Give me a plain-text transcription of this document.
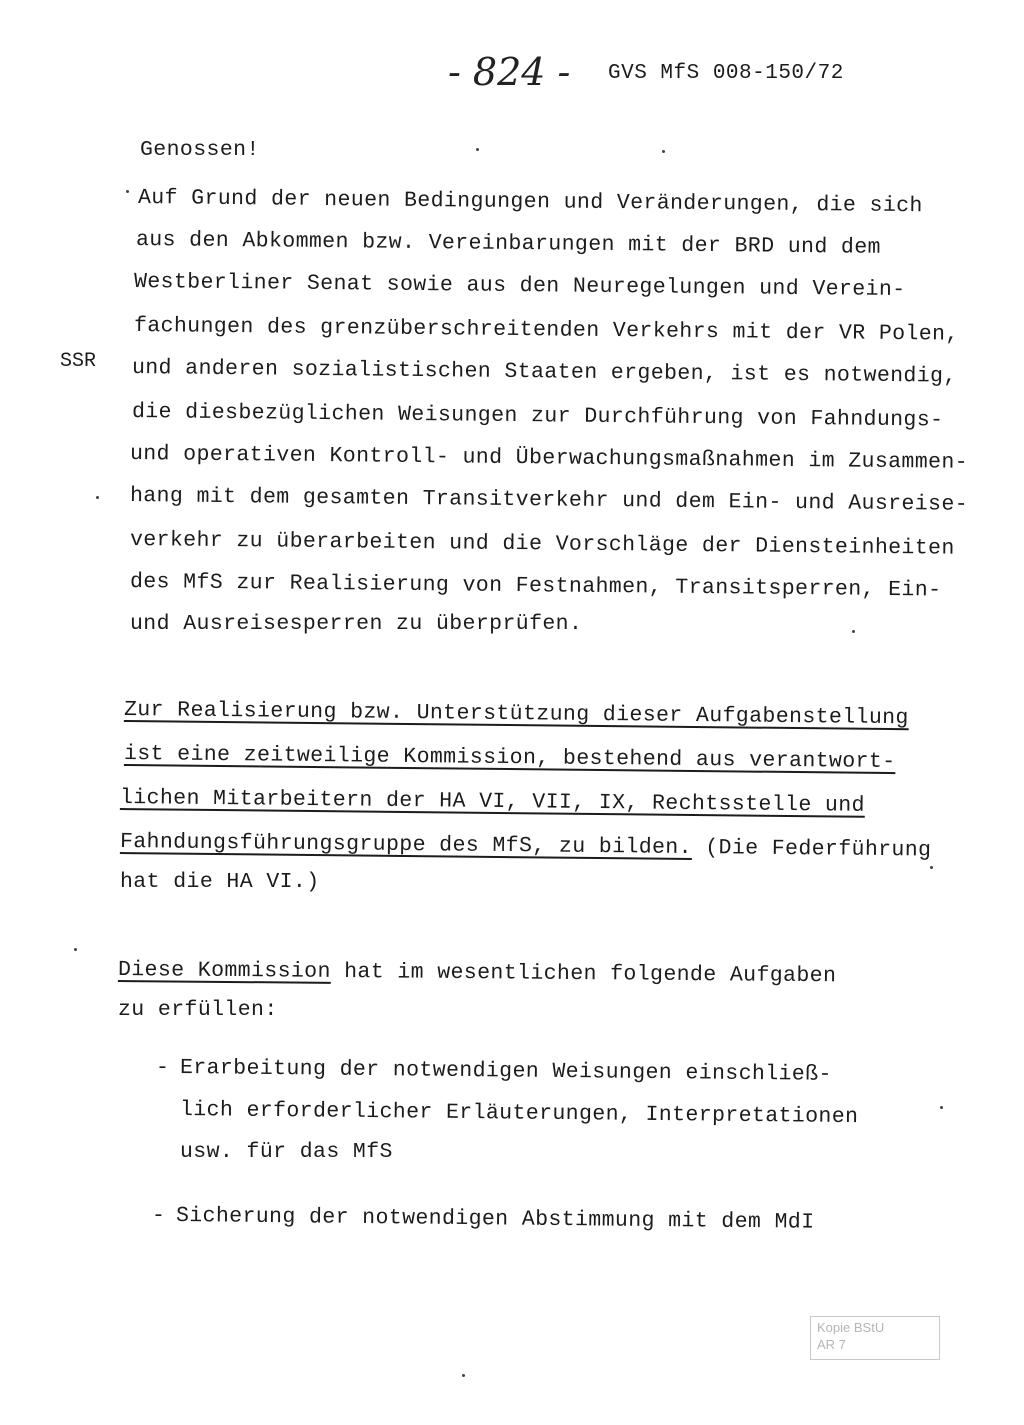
- 824 - GVS MfS 008-150/72
SSR
Genossen!
Auf Grund der neuen Bedingungen und Veränderungen, die sich
aus den Abkommen bzw. Vereinbarungen mit der BRD und dem
Westberliner Senat sowie aus den Neuregelungen und Verein-
fachungen des grenzüberschreitenden Verkehrs mit der VR Polen,
und anderen sozialistischen Staaten ergeben, ist es notwendig,
die diesbezüglichen Weisungen zur Durchführung von Fahndungs-
und operativen Kontroll- und Überwachungsmaßnahmen im Zusammen-
hang mit dem gesamten Transitverkehr und dem Ein- und Ausreise-
verkehr zu überarbeiten und die Vorschläge der Diensteinheiten
des MfS zur Realisierung von Festnahmen, Transitsperren, Ein-
und Ausreisesperren zu überprüfen.
Zur Realisierung bzw. Unterstützung dieser Aufgabenstellung
ist eine zeitweilige Kommission, bestehend aus verantwort-
lichen Mitarbeitern der HA VI, VII, IX, Rechtsstelle und
Fahndungsführungsgruppe des MfS, zu bilden. (Die Federführung
hat die HA VI.)
Diese Kommission hat im wesentlichen folgende Aufgaben
zu erfüllen:
- Erarbeitung der notwendigen Weisungen einschließ-
lich erforderlicher Erläuterungen, Interpretationen
usw. für das MfS
- Sicherung der notwendigen Abstimmung mit dem MdI
Kopie BStU
AR 7
